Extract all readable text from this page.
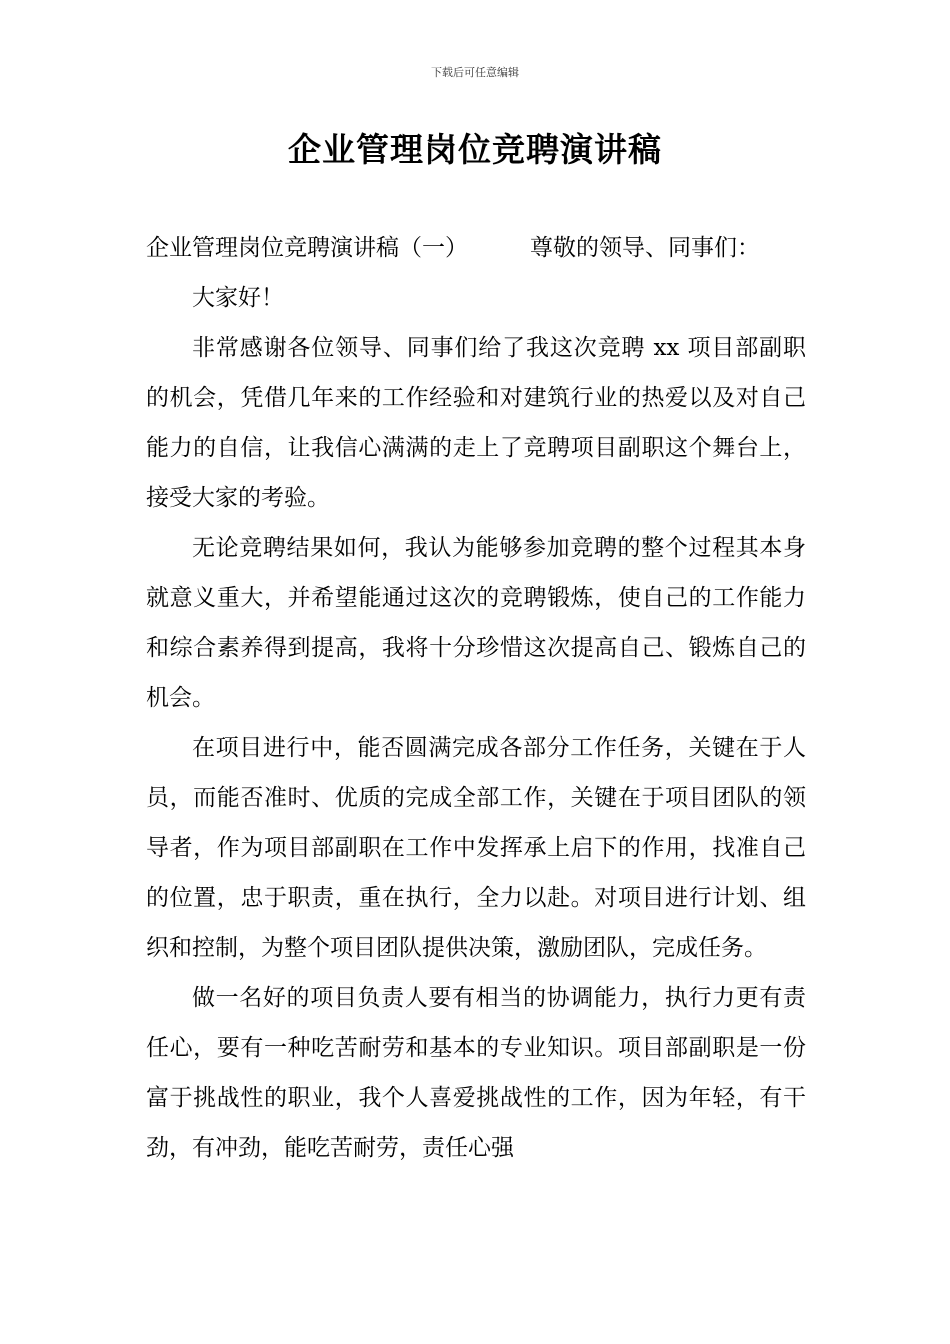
下载后可任意编辑
企业管理岗位竞聘演讲稿

企业管理岗位竞聘演讲稿（一）	尊敬的领导、同事们：

大家好！

非常感谢各位领导、同事们给了我这次竞聘 xx 项目部副职的机会，凭借几年来的工作经验和对建筑行业的热爱以及对自己能力的自信，让我信心满满的走上了竞聘项目副职这个舞台上，接受大家的考验。

无论竞聘结果如何，我认为能够参加竞聘的整个过程其本身就意义重大，并希望能通过这次的竞聘锻炼，使自己的工作能力和综合素养得到提高，我将十分珍惜这次提高自己、锻炼自己的机会。

在项目进行中，能否圆满完成各部分工作任务，关键在于人员，而能否准时、优质的完成全部工作，关键在于项目团队的领导者，作为项目部副职在工作中发挥承上启下的作用，找准自己的位置，忠于职责，重在执行，全力以赴。对项目进行计划、组织和控制，为整个项目团队提供决策，激励团队，完成任务。

做一名好的项目负责人要有相当的协调能力，执行力更有责任心，要有一种吃苦耐劳和基本的专业知识。项目部副职是一份富于挑战性的职业，我个人喜爱挑战性的工作，因为年轻，有干劲，有冲劲，能吃苦耐劳，责任心强
